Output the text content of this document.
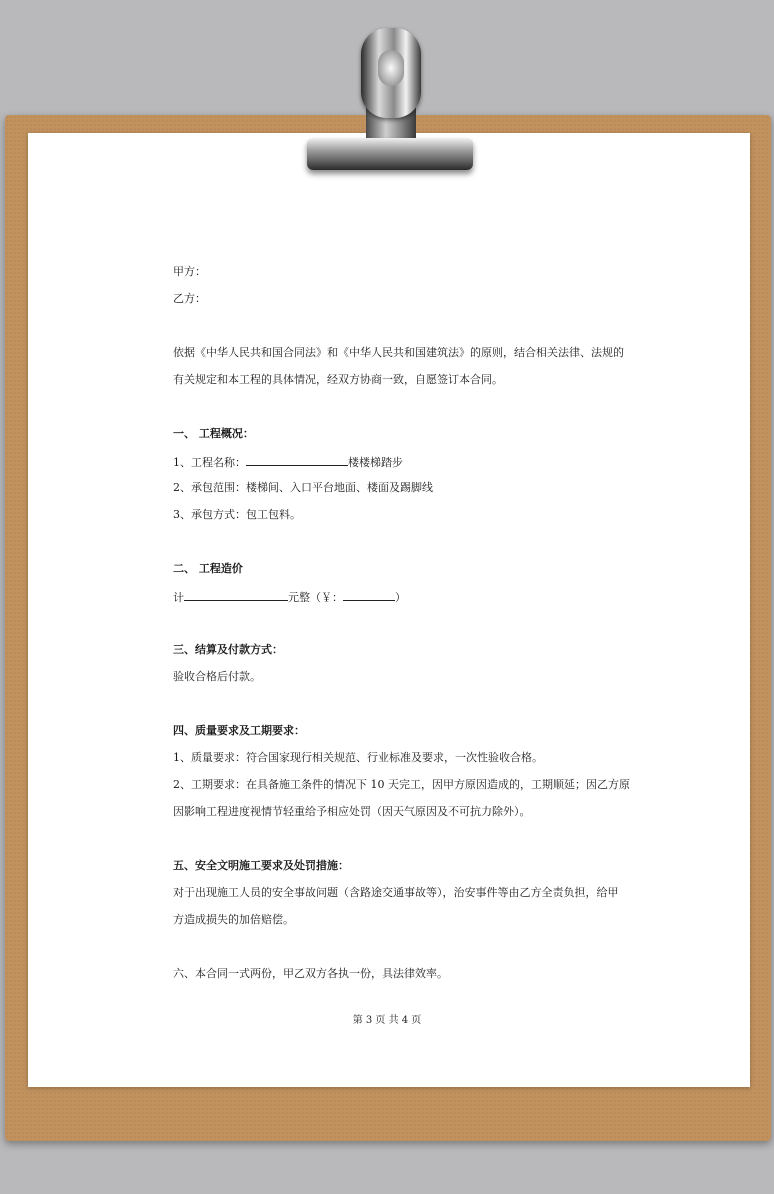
甲方：
乙方：
依据《中华人民共和国合同法》和《中华人民共和国建筑法》的原则，结合相关法律、法规的
有关规定和本工程的具体情况，经双方协商一致，自愿签订本合同。
一、 工程概况：
1、工程名称：	楼楼梯踏步
2、承包范围：楼梯间、入口平台地面、楼面及踢脚线
3、承包方式：包工包料。
二、 工程造价
计	元整（￥：	）
三、结算及付款方式：
验收合格后付款。
四、质量要求及工期要求：
1、质量要求：符合国家现行相关规范、行业标准及要求，一次性验收合格。
2、工期要求：在具备施工条件的情况下 10 天完工，因甲方原因造成的，工期顺延；因乙方原
因影响工程进度视情节轻重给予相应处罚（因天气原因及不可抗力除外）。
五、安全文明施工要求及处罚措施：
对于出现施工人员的安全事故问题（含路途交通事故等），治安事件等由乙方全责负担，给甲
方造成损失的加倍赔偿。
六、本合同一式两份，甲乙双方各执一份，具法律效率。
第 3 页 共 4 页
